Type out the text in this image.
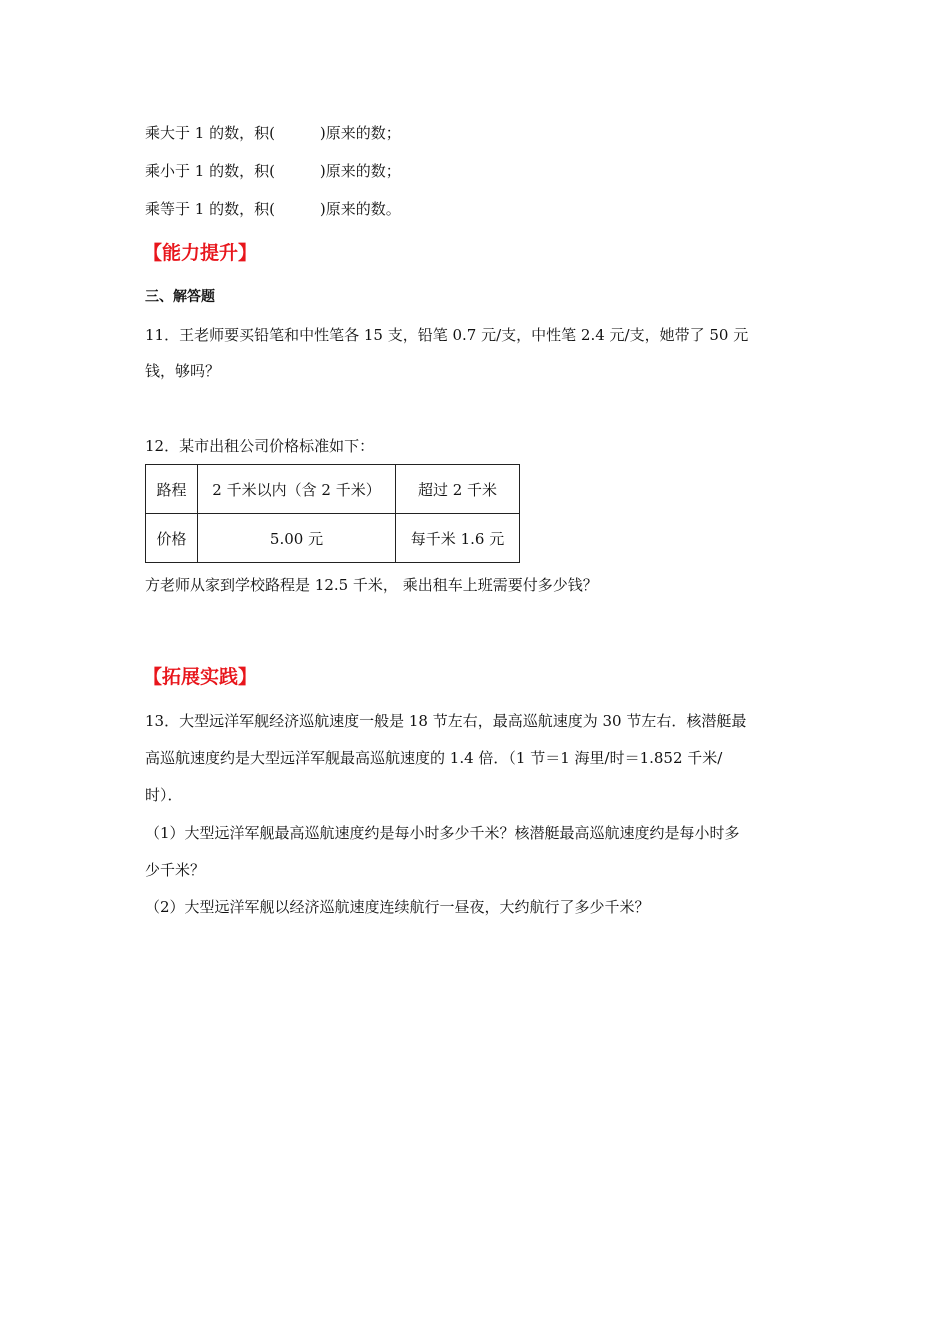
乘大于 1 的数，积(　　　)原来的数；
乘小于 1 的数，积(　　　)原来的数；
乘等于 1 的数，积(　　　)原来的数。
【能力提升】
三、解答题
11．王老师要买铅笔和中性笔各 15 支，铅笔 0.7 元/支，中性笔 2.4 元/支，她带了 50 元
钱，够吗？
12．某市出租公司价格标准如下：
路程	2 千米以内（含 2 千米）	超过 2 千米
价格	5.00 元	每千米 1.6 元
方老师从家到学校路程是 12.5 千米， 乘出租车上班需要付多少钱？
【拓展实践】
13．大型远洋军舰经济巡航速度一般是 18 节左右，最高巡航速度为 30 节左右．核潜艇最
高巡航速度约是大型远洋军舰最高巡航速度的 1.4 倍．（1 节＝1 海里/时＝1.852 千米/
时）．
（1）大型远洋军舰最高巡航速度约是每小时多少千米？核潜艇最高巡航速度约是每小时多
少千米？
（2）大型远洋军舰以经济巡航速度连续航行一昼夜，大约航行了多少千米？
